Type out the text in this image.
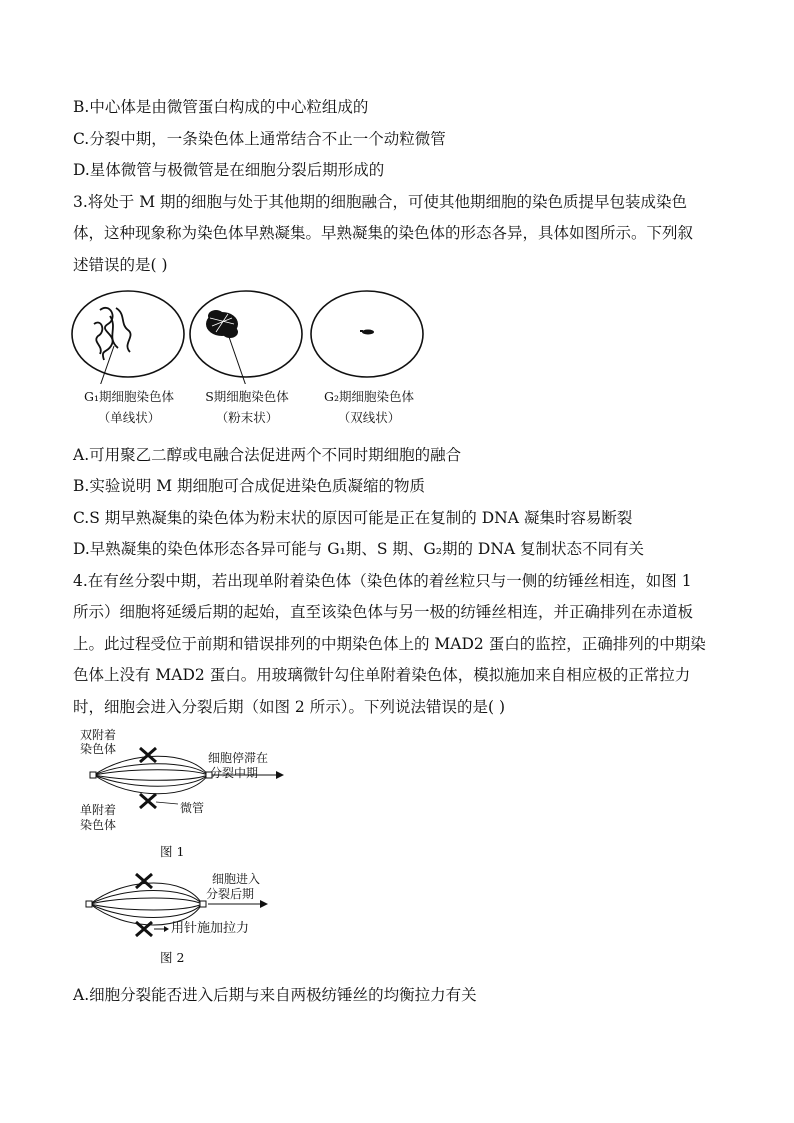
B.中心体是由微管蛋白构成的中心粒组成的
C.分裂中期，一条染色体上通常结合不止一个动粒微管
D.星体微管与极微管是在细胞分裂后期形成的
3.将处于 M 期的细胞与处于其他期的细胞融合，可使其他期细胞的染色质提早包装成染色
体，这种现象称为染色体早熟凝集。早熟凝集的染色体的形态各异，具体如图所示。下列叙
述错误的是( )
G₁期细胞染色体
（单线状）
S期细胞染色体
（粉末状）
G₂期细胞染色体
（双线状）
A.可用聚乙二醇或电融合法促进两个不同时期细胞的融合
B.实验说明 M 期细胞可合成促进染色质凝缩的物质
C.S 期早熟凝集的染色体为粉末状的原因可能是正在复制的 DNA 凝集时容易断裂
D.早熟凝集的染色体形态各异可能与 G₁期、S 期、G₂期的 DNA 复制状态不同有关
4.在有丝分裂中期，若出现单附着染色体（染色体的着丝粒只与一侧的纺锤丝相连，如图 1
所示）细胞将延缓后期的起始，直至该染色体与另一极的纺锤丝相连，并正确排列在赤道板
上。此过程受位于前期和错误排列的中期染色体上的 MAD2 蛋白的监控，正确排列的中期染
色体上没有 MAD2 蛋白。用玻璃微针勾住单附着染色体，模拟施加来自相应极的正常拉力
时，细胞会进入分裂后期（如图 2 所示）。下列说法错误的是( )
双附着
染色体
单附着
染色体
微管
细胞停滞在
分裂中期
图 1
细胞进入
分裂后期
用针施加拉力
图 2
A.细胞分裂能否进入后期与来自两极纺锤丝的均衡拉力有关
